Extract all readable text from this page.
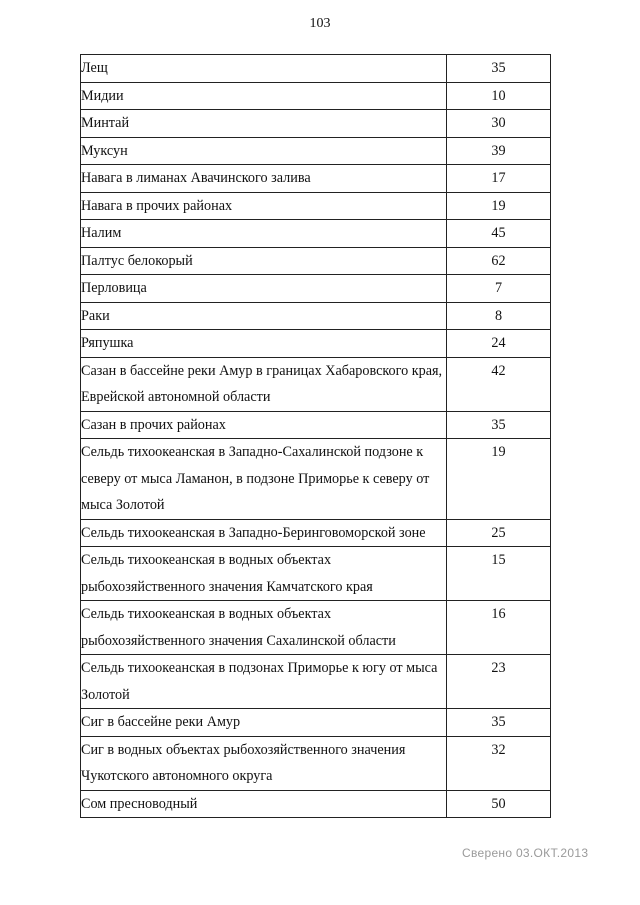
103
Лещ	35
Мидии	10
Минтай	30
Муксун	39
Навага в лиманах Авачинского залива	17
Навага в прочих районах	19
Налим	45
Палтус белокорый	62
Перловица	7
Раки	8
Ряпушка	24
Сазан в бассейне реки Амур в границах Хабаровского края, Еврейской автономной области	42
Сазан в прочих районах	35
Сельдь тихоокеанская в Западно-Сахалинской подзоне к северу от мыса Ламанон, в подзоне Приморье к северу от мыса Золотой	19
Сельдь тихоокеанская в Западно-Беринговоморской зоне	25
Сельдь тихоокеанская в водных объектах рыбохозяйственного значения Камчатского края	15
Сельдь тихоокеанская в водных объектах рыбохозяйственного значения Сахалинской области	16
Сельдь тихоокеанская в подзонах Приморье к югу от мыса Золотой	23
Сиг в бассейне реки Амур	35
Сиг в водных объектах рыбохозяйственного значения Чукотского автономного округа	32
Сом пресноводный	50
Сверено 03.ОКТ.2013
